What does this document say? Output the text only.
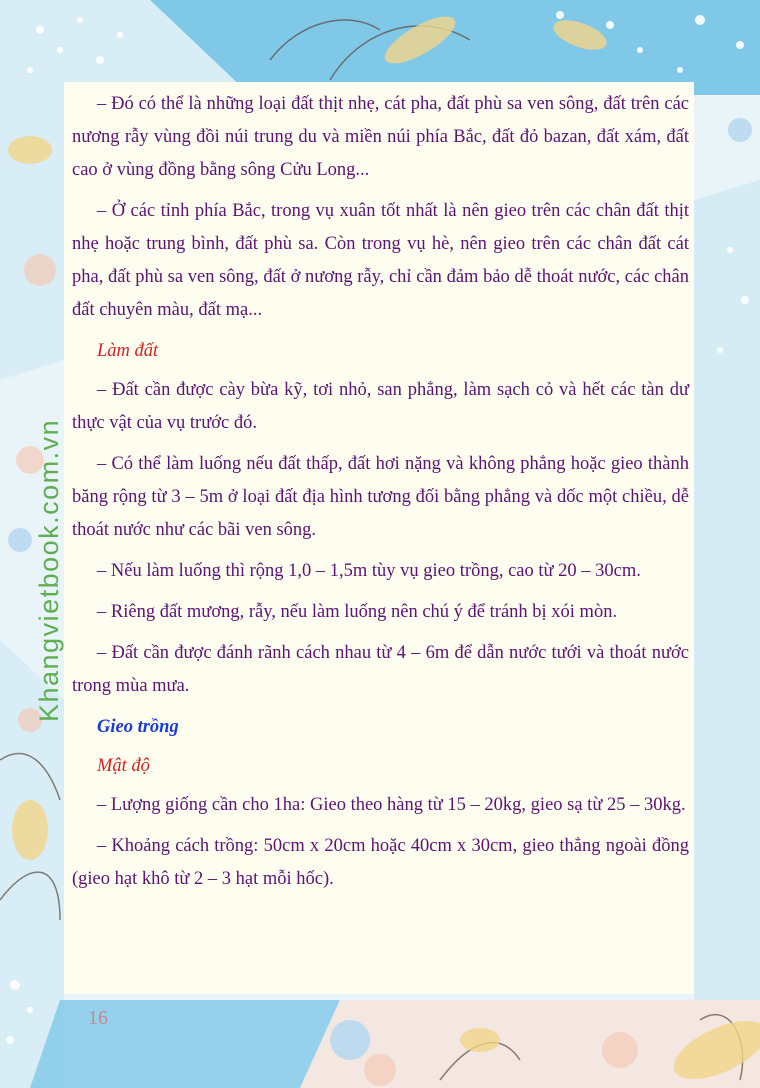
– Đó có thể là những loại đất thịt nhẹ, cát pha, đất phù sa ven sông, đất trên các nương rẫy vùng đồi núi trung du và miền núi phía Bắc, đất đỏ bazan, đất xám, đất cao ở vùng đồng bằng sông Cửu Long...

– Ở các tỉnh phía Bắc, trong vụ xuân tốt nhất là nên gieo trên các chân đất thịt nhẹ hoặc trung bình, đất phù sa. Còn trong vụ hè, nên gieo trên các chân đất cát pha, đất phù sa ven sông, đất ở nương rẫy, chỉ cần đảm bảo dễ thoát nước, các chân đất chuyên màu, đất mạ...

Làm đất

– Đất cần được cày bừa kỹ, tơi nhỏ, san phẳng, làm sạch cỏ và hết các tàn dư thực vật của vụ trước đó.

– Có thể làm luống nếu đất thấp, đất hơi nặng và không phẳng hoặc gieo thành băng rộng từ 3 – 5m ở loại đất địa hình tương đối bằng phẳng và dốc một chiều, dễ thoát nước như các bãi ven sông.

– Nếu làm luống thì rộng 1,0 – 1,5m tùy vụ gieo trồng, cao từ 20 – 30cm.

– Riêng đất mương, rẫy, nếu làm luống nên chú ý để tránh bị xói mòn.

– Đất cần được đánh rãnh cách nhau từ 4 – 6m để dẫn nước tưới và thoát nước trong mùa mưa.

Gieo trồng
Mật độ

– Lượng giống cần cho 1ha: Gieo theo hàng từ 15 – 20kg, gieo sạ từ 25 – 30kg.

– Khoảng cách trồng: 50cm x 20cm hoặc 40cm x 30cm, gieo thẳng ngoài đồng (gieo hạt khô từ 2 – 3 hạt mỗi hốc).

Khangvietbook.com.vn
16
